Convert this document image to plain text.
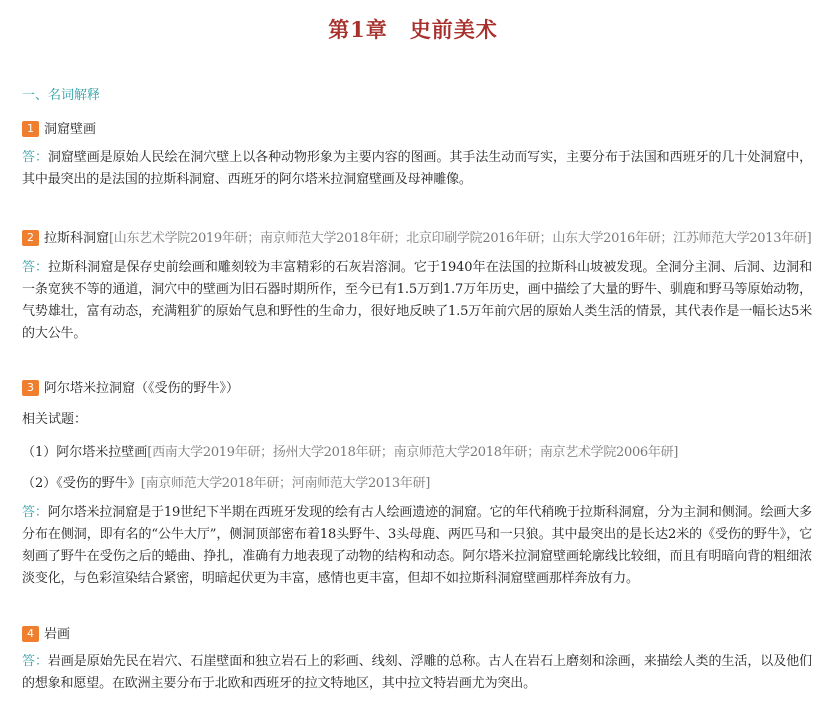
第1章 史前美术
一、名词解释
1 洞窟壁画
答：洞窟壁画是原始人民绘在洞穴壁上以各种动物形象为主要内容的图画。其手法生动而写实，主要分布于法国和西班牙的几十处洞窟中，其中最突出的是法国的拉斯科洞窟、西班牙的阿尔塔米拉洞窟壁画及母神雕像。
2 拉斯科洞窟[山东艺术学院2019年研；南京师范大学2018年研；北京印刷学院2016年研；山东大学2016年研；江苏师范大学2013年研]
答：拉斯科洞窟是保存史前绘画和雕刻较为丰富精彩的石灰岩溶洞。它于1940年在法国的拉斯科山坡被发现。全洞分主洞、后洞、边洞和一条宽狭不等的通道，洞穴中的壁画为旧石器时期所作，至今已有1.5万到1.7万年历史，画中描绘了大量的野牛、驯鹿和野马等原始动物，气势雄壮，富有动态，充满粗犷的原始气息和野性的生命力，很好地反映了1.5万年前穴居的原始人类生活的情景，其代表作是一幅长达5米的大公牛。
3 阿尔塔米拉洞窟（《受伤的野牛》）
相关试题：
（1）阿尔塔米拉壁画[西南大学2019年研；扬州大学2018年研；南京师范大学2018年研；南京艺术学院2006年研]
（2）《受伤的野牛》[南京师范大学2018年研；河南师范大学2013年研]
答：阿尔塔米拉洞窟是于19世纪下半期在西班牙发现的绘有古人绘画遗迹的洞窟。它的年代稍晚于拉斯科洞窟，分为主洞和侧洞。绘画大多分布在侧洞，即有名的“公牛大厅”，侧洞顶部密布着18头野牛、3头母鹿、两匹马和一只狼。其中最突出的是长达2米的《受伤的野牛》，它刻画了野牛在受伤之后的蜷曲、挣扎，准确有力地表现了动物的结构和动态。阿尔塔米拉洞窟壁画轮廓线比较细，而且有明暗向背的粗细浓淡变化，与色彩渲染结合紧密，明暗起伏更为丰富，感情也更丰富，但却不如拉斯科洞窟壁画那样奔放有力。
4 岩画
答：岩画是原始先民在岩穴、石崖壁面和独立岩石上的彩画、线刻、浮雕的总称。古人在岩石上磨刻和涂画，来描绘人类的生活，以及他们的想象和愿望。在欧洲主要分布于北欧和西班牙的拉文特地区，其中拉文特岩画尤为突出。
